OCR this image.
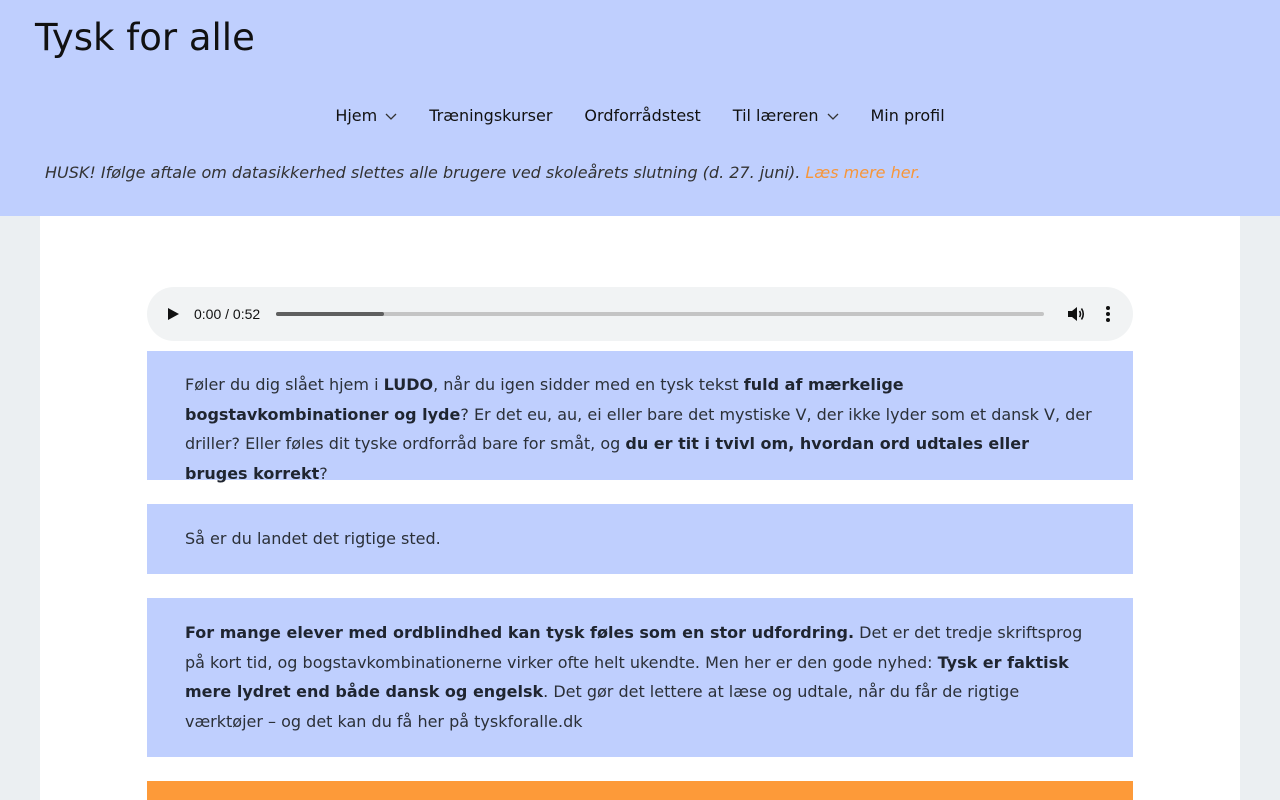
Tysk for alle
Hjem	Træningskurser Ordforrådstest Til læreren	Min profil
HUSK! Ifølge aftale om datasikkerhed slettes alle brugere ved skoleårets slutning (d. 27. juni). Læs mere her.
0:00 / 0:52
Føler du dig slået hjem i LUDO, når du igen sidder med en tysk tekst fuld af mærkelige bogstavkombinationer og lyde? Er det eu, au, ei eller bare det mystiske V, der ikke lyder som et dansk V, der driller? Eller føles dit tyske ordforråd bare for småt, og du er tit i tvivl om, hvordan ord udtales eller bruges korrekt?
Så er du landet det rigtige sted.
For mange elever med ordblindhed kan tysk føles som en stor udfordring. Det er det tredje skriftsprog på kort tid, og bogstavkombinationerne virker ofte helt ukendte. Men her er den gode nyhed: Tysk er faktisk mere lydret end både dansk og engelsk. Det gør det lettere at læse og udtale, når du får de rigtige værktøjer – og det kan du få her på tyskforalle.dk
